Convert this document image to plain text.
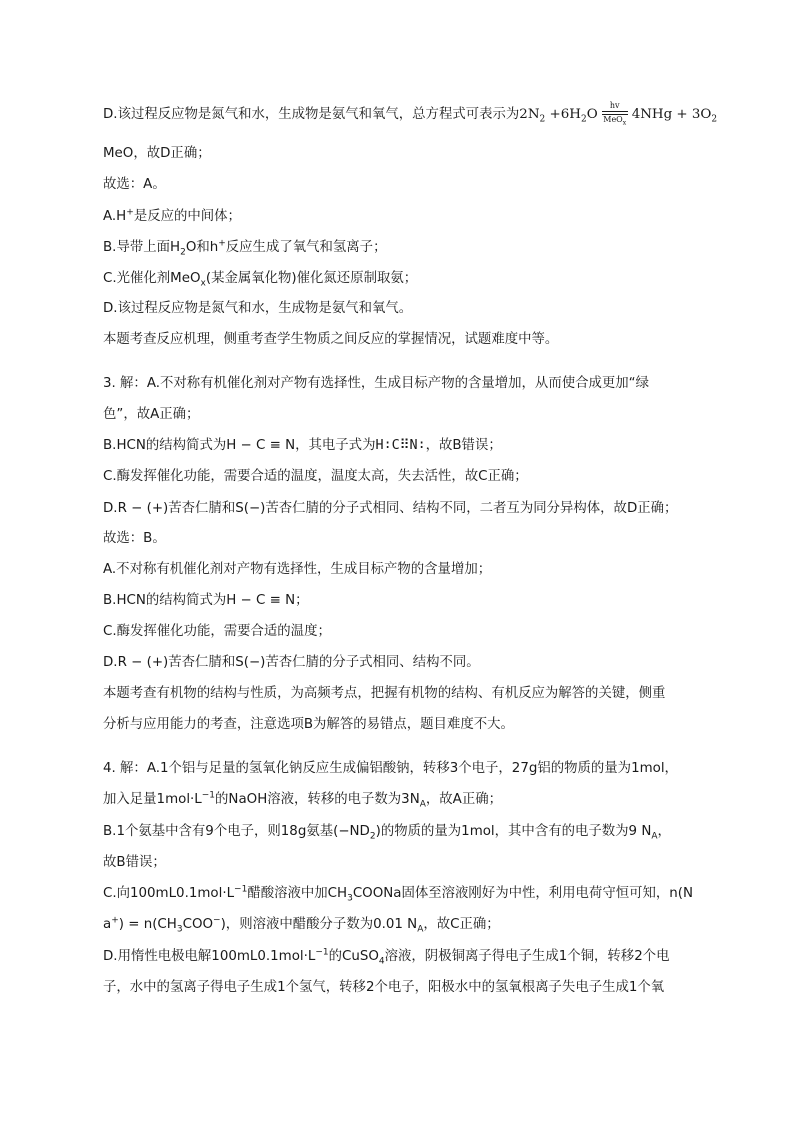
D.该过程反应物是氮气和水，生成物是氨气和氧气，总方程式可表示为$2N_2 +6H_2O$
hv
MeO$_x$
$4NHg + 3O_2$
MeO，故D正确；
故选：A。
A.H+是反应的中间体；
B.导带上面$H_2O$和h+反应生成了氧气和氢离子；
C.光催化剂MeO$_x$(某金属氧化物)催化氮还原制取氨；
D.该过程反应物是氮气和水，生成物是氨气和氧气。
本题考查反应机理，侧重考查学生物质之间反应的掌握情况，试题难度中等。
3. 解：A.不对称有机催化剂对产物有选择性，生成目标产物的含量增加，从而使合成更加“绿
色”，故A正确；
B.HCN的结构简式为H − C ≡ N，其电子式为H∶C⠿N∶，故B错误；
C.酶发挥催化功能，需要合适的温度，温度太高，失去活性，故C正确；
D.R − (+)苦杏仁腈和S(−)苦杏仁腈的分子式相同、结构不同，二者互为同分异构体，故D正确；
故选：B。
A.不对称有机催化剂对产物有选择性，生成目标产物的含量增加；
B.HCN的结构简式为H − C ≡ N；
C.酶发挥催化功能，需要合适的温度；
D.R − (+)苦杏仁腈和S(−)苦杏仁腈的分子式相同、结构不同。
本题考查有机物的结构与性质，为高频考点，把握有机物的结构、有机反应为解答的关键，侧重
分析与应用能力的考查，注意选项B为解答的易错点，题目难度不大。
4. 解：A.1个铝与足量的氢氧化钠反应生成偏铝酸钠，转移3个电子，27g铝的物质的量为1mol，
加入足量$1mol\cdot L^{-1}$的NaOH溶液，转移的电子数为$3N_A$，故A正确；
B.1个氨基中含有9个电子，则18g氨基$(-ND_2)$的物质的量为1mol，其中含有的电子数为9 $N_A$，
故B错误；
C.向$100mL0.1mol\cdot L^{-1}$醋酸溶液中加$CH_3COONa$固体至溶液刚好为中性，利用电荷守恒可知，n(N
$a^+) = n(CH_3COO^-)$，则溶液中醋酸分子数为0.01 $N_A$，故C正确；
D.用惰性电极电解$100mL0.1mol\cdot L^{-1}$的CuSO$_4$溶液，阴极铜离子得电子生成1个铜，转移2个电
子，水中的氢离子得电子生成1个氢气，转移2个电子，阳极水中的氢氧根离子失电子生成1个氧
